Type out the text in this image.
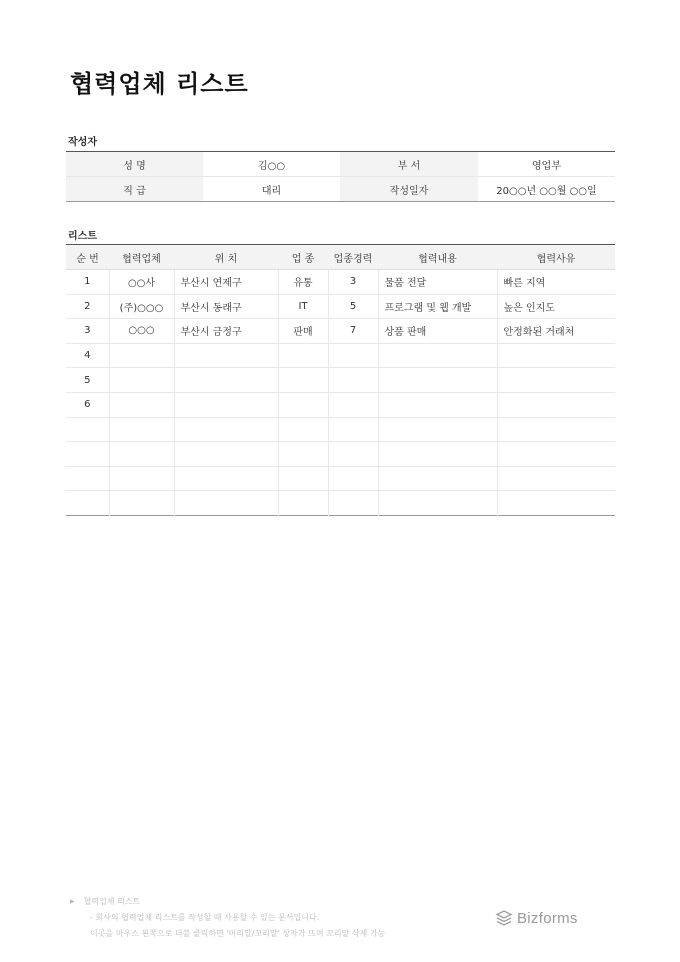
협력업체 리스트
작성자
성 명	김○○	부 서	영업부
직 급	대리	작성일자	20○○년 ○○월 ○○일
리스트
순 번	협력업체	위 치	업 종	업종경력	협력내용	협력사유
1	○○사	부산시 연제구	유통	3	물품 전달	빠른 지역
2	(주)○○○	부산시 동래구	IT	5	프로그램 및 웹 개발	높은 인지도
3	○○○	부산시 금정구	판매	7	상품 판매	안정화된 거래처
4						
5						
6						

▶ 협력업체 리스트
- 회사의 협력업체 리스트를 작성할 때 사용할 수 있는 문서입니다.
이곳을 마우스 왼쪽으로 더블 클릭하면 '머리말/꼬리말' 상자가 뜨며 꼬리말 삭제 가능
Bizforms
